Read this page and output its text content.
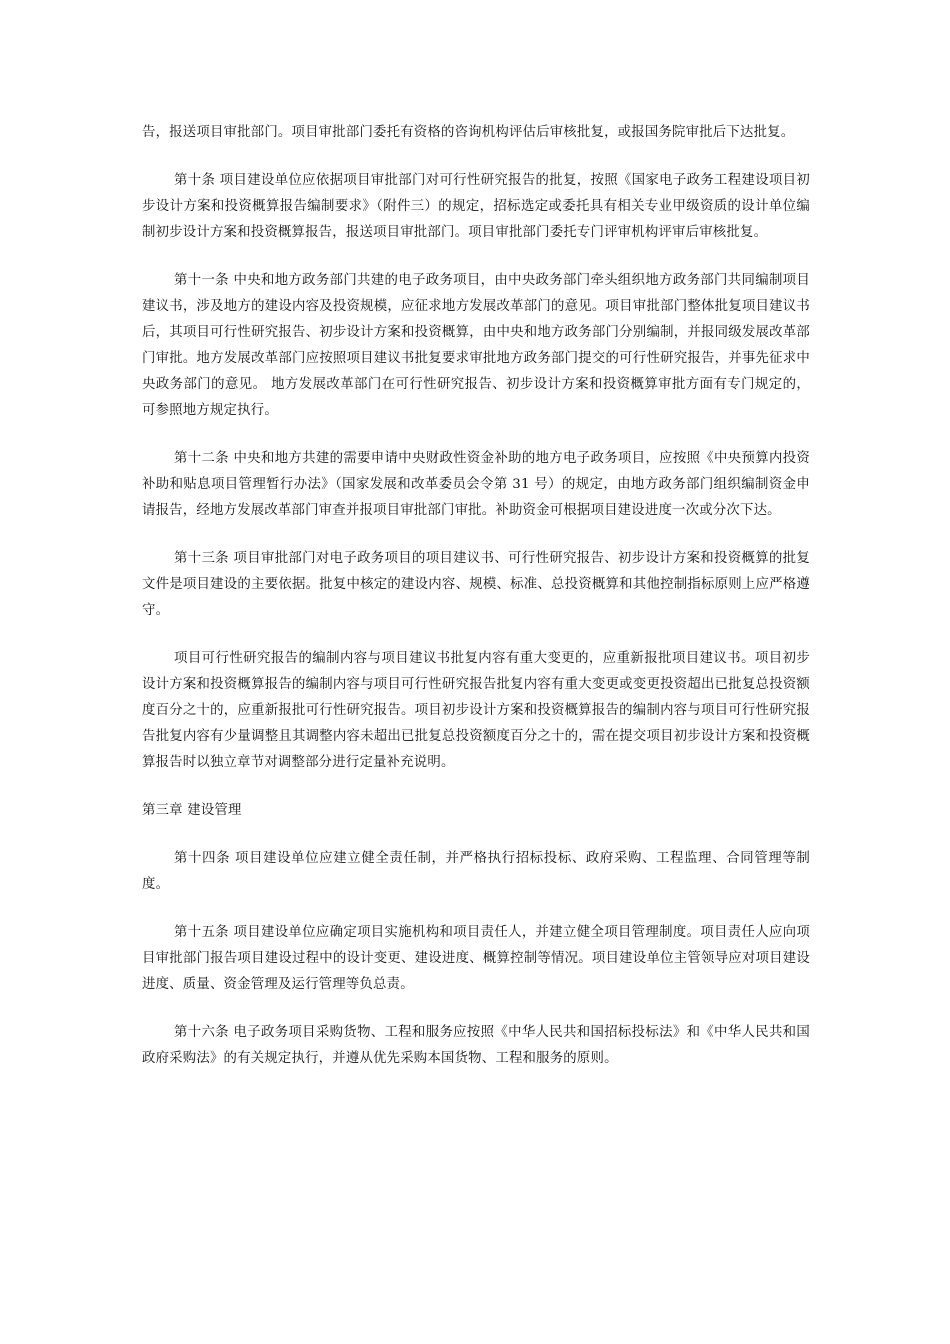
告，报送项目审批部门。项目审批部门委托有资格的咨询机构评估后审核批复，或报国务院审批后下达批复。

第十条 项目建设单位应依据项目审批部门对可行性研究报告的批复，按照《国家电子政务工程建设项目初步设计方案和投资概算报告编制要求》（附件三）的规定，招标选定或委托具有相关专业甲级资质的设计单位编制初步设计方案和投资概算报告，报送项目审批部门。项目审批部门委托专门评审机构评审后审核批复。

第十一条 中央和地方政务部门共建的电子政务项目，由中央政务部门牵头组织地方政务部门共同编制项目建议书，涉及地方的建设内容及投资规模，应征求地方发展改革部门的意见。项目审批部门整体批复项目建议书后，其项目可行性研究报告、初步设计方案和投资概算，由中央和地方政务部门分别编制，并报同级发展改革部门审批。地方发展改革部门应按照项目建议书批复要求审批地方政务部门提交的可行性研究报告，并事先征求中央政务部门的意见。 地方发展改革部门在可行性研究报告、初步设计方案和投资概算审批方面有专门规定的，可参照地方规定执行。

第十二条 中央和地方共建的需要申请中央财政性资金补助的地方电子政务项目，应按照《中央预算内投资补助和贴息项目管理暂行办法》（国家发展和改革委员会令第 31 号）的规定，由地方政务部门组织编制资金申请报告，经地方发展改革部门审查并报项目审批部门审批。补助资金可根据项目建设进度一次或分次下达。

第十三条 项目审批部门对电子政务项目的项目建议书、可行性研究报告、初步设计方案和投资概算的批复文件是项目建设的主要依据。批复中核定的建设内容、规模、标准、总投资概算和其他控制指标原则上应严格遵守。

项目可行性研究报告的编制内容与项目建议书批复内容有重大变更的，应重新报批项目建议书。项目初步设计方案和投资概算报告的编制内容与项目可行性研究报告批复内容有重大变更或变更投资超出已批复总投资额度百分之十的，应重新报批可行性研究报告。项目初步设计方案和投资概算报告的编制内容与项目可行性研究报告批复内容有少量调整且其调整内容未超出已批复总投资额度百分之十的，需在提交项目初步设计方案和投资概算报告时以独立章节对调整部分进行定量补充说明。

第三章 建设管理

第十四条 项目建设单位应建立健全责任制，并严格执行招标投标、政府采购、工程监理、合同管理等制度。

第十五条 项目建设单位应确定项目实施机构和项目责任人，并建立健全项目管理制度。项目责任人应向项目审批部门报告项目建设过程中的设计变更、建设进度、概算控制等情况。项目建设单位主管领导应对项目建设进度、质量、资金管理及运行管理等负总责。

第十六条 电子政务项目采购货物、工程和服务应按照《中华人民共和国招标投标法》和《中华人民共和国政府采购法》的有关规定执行，并遵从优先采购本国货物、工程和服务的原则。
